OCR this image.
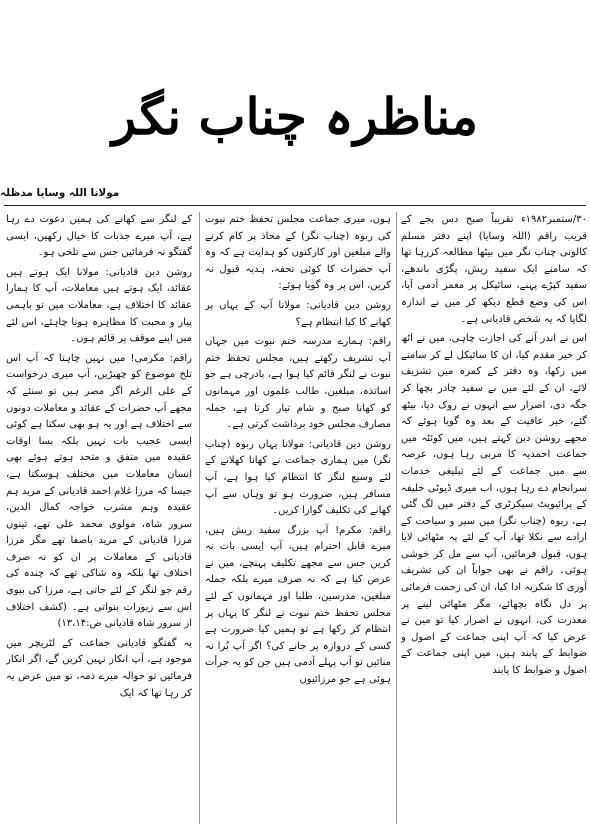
مناظرہ چناب نگر
مولانا اللہ وسایا مدظلہ

۳۰/ستمبر۱۹۸۲ء تقریباً صبح دس بجے کے قریب راقم (اللہ وسایا) اپنے دفتر مسلم کالونی چناب نگر میں بیٹھا مطالعہ کررہا تھا کہ سامنے ایک سفید ریش، پگڑی باندھے، سفید کپڑے پہنے، سائیکل پر معمر آدمی آیا، اس کی وضع قطع دیکھ کر میں نے اندازہ لگایا کہ یہ شخص قادیانی ہے۔

اس نے اندر آنے کی اجازت چاہی، میں نے اٹھ کر خیر مقدم کیا، ان کا سائیکل لے کر سامنے میں رکھا، وہ دفتر کے کمرہ میں تشریف لائے، ان کے لئے میں نے سفید چادر بچھا کر جگہ دی، اصرار سے انہوں نے روک دیا، بیٹھ گئے، خیر عافیت کے بعد وہ گویا ہوئے کہ مجھے روشن دین کہتے ہیں، میں کوئٹہ میں جماعت احمدیہ کا مربی رہا ہوں، عرصہ سے میں جماعت کے لئے تبلیغی خدمات سرانجام دے رہا ہوں، اب میری ڈیوٹی خلیفہ کے پرائیویٹ سیکرٹری کے دفتر میں لگ گئی ہے، ربوہ (چناب نگر) میں سیر و سیاحت کے ارادے سے نکلا تھا، آپ کے لئے یہ مٹھائی لایا ہوں، قبول فرمائیں، آپ سے مل کر خوشی ہوئی۔ راقم نے بھی جواباً ان کی تشریف آوری کا شکریہ ادا کیا، ان کی زحمت فرمائی پر دل نگاہ بچھائے، مگر مٹھائی لینے پر معذرت کی، انہوں نے اصرار کیا تو میں نے عرض کیا کہ آپ اپنی جماعت کے اصول و ضوابط کے پابند ہیں، میں اپنی جماعت کے اصول و ضوابط کا پابند

ہوں، میری جماعت مجلس تحفظ ختم نبوت کی ربوہ (چناب نگر) کے محاذ پر کام کرنے والے مبلغین اور کارکنوں کو ہدایت ہے کہ وہ آپ حضرات کا کوئی تحفہ، ہدیہ قبول نہ کریں، اس پر وہ گویا ہوئے:

روشن دین قادیانی: مولانا آپ کے یہاں پر کھانے کا کیا انتظام ہے؟

راقم: ہمارے مدرسہ ختم نبوت میں جہاں آپ تشریف رکھتے ہیں، مجلس تحفظ ختم نبوت نے لنگر قائم کیا ہوا ہے، بادرچی ہے جو اساتذہ، مبلغین، طالب علموں اور مہمانوں کو کھانا صبح و شام تیار کرتا ہے، جملہ مصارف مجلس خود برداشت کرتی ہے۔

روشن دین قادیانی: مولانا یہاں ربوہ (چناب نگر) میں ہماری جماعت نے کھانا کھلانے کے لئے وسیع لنگر کا انتظام کیا ہوا ہے، آپ مسافر ہیں، ضرورت ہو تو وہاں سے آپ کھانے کی تکلیف گوارا کریں۔

راقم: مکرم! آپ بزرگ سفید ریش ہیں، میرے قابل احترام ہیں، آپ ایسی بات نہ کریں جس سے مجھے تکلیف پہنچے، میں نے عرض کیا ہے کہ نہ صرف میرے بلکہ جملہ مبلغین، مدرسین، طلبا اور مہمانوں کے لئے مجلس تحفظ ختم نبوت نے لنگر کا یہاں پر انتظام کر رکھا ہے تو ہمیں کیا ضرورت ہے کسی کے دروازہ پر جانے کی؟ اگر آپ بُرا نہ منائیں تو آپ پہلے آدمی ہیں جن کو یہ جرأت ہوئی ہے جو مرزائیوں

کے لنگر سے کھانے کی ہمیں دعوت دے رہا ہے، آپ میرے جذبات کا خیال رکھیں، ایسی گفتگو نہ فرمائیں جس سے تلخی ہو۔

روشن دین قادیانی: مولانا ایک ہوتے ہیں عقائد، ایک ہوتے ہیں معاملات، آپ کا ہمارا عقائد کا اختلاف ہے، معاملات میں تو باہمی پیار و محبت کا مظاہرہ ہونا چاہئے، اس لئے میں اپنے موقف پر قائم ہوں۔

راقم: مکرمی! میں نہیں چاہتا کہ آپ اس تلخ موضوع کو چھیڑیں، آپ میری درخواست کے علی الرغم اگر مصر ہیں تو سنئے کہ مجھے آپ حضرات کے عقائد و معاملات دونوں سے اختلاف ہے اور یہ ہو بھی سکتا ہے کوئی ایسی عجیب بات نہیں بلکہ بسا اوقات عقیدہ میں متفق و متحد ہوتے ہوئے بھی انسان معاملات میں مختلف ہوسکتا ہے، جیسا کہ مرزا غلام احمد قادیانی کے مرید ہم عقیدہ وہم مشرب خواجہ کمال الدین، سرور شاہ، مولوی محمد علی تھے، تینوں مرزا قادیانی کے مرید باصفا تھے مگر مرزا قادیانی کے معاملات پر ان کو نہ صرف اختلاف تھا بلکہ وہ شاکی تھے کہ چندہ کی رقم جو لنگر کے لئے جاتی ہے، مرزا کی بیوی اس سے زیورات بنواتی ہے۔ (کشف اختلاف از سرور شاہ قادیانی ص:۱۳،۱۴)

یہ گفتگو قادیانی جماعت کے لٹریچر میں موجود ہے، آپ انکار نہیں کریں گے، اگر انکار فرمائیں تو حوالہ میرے ذمہ، تو میں عرض یہ کر رہا تھا کہ ایک
